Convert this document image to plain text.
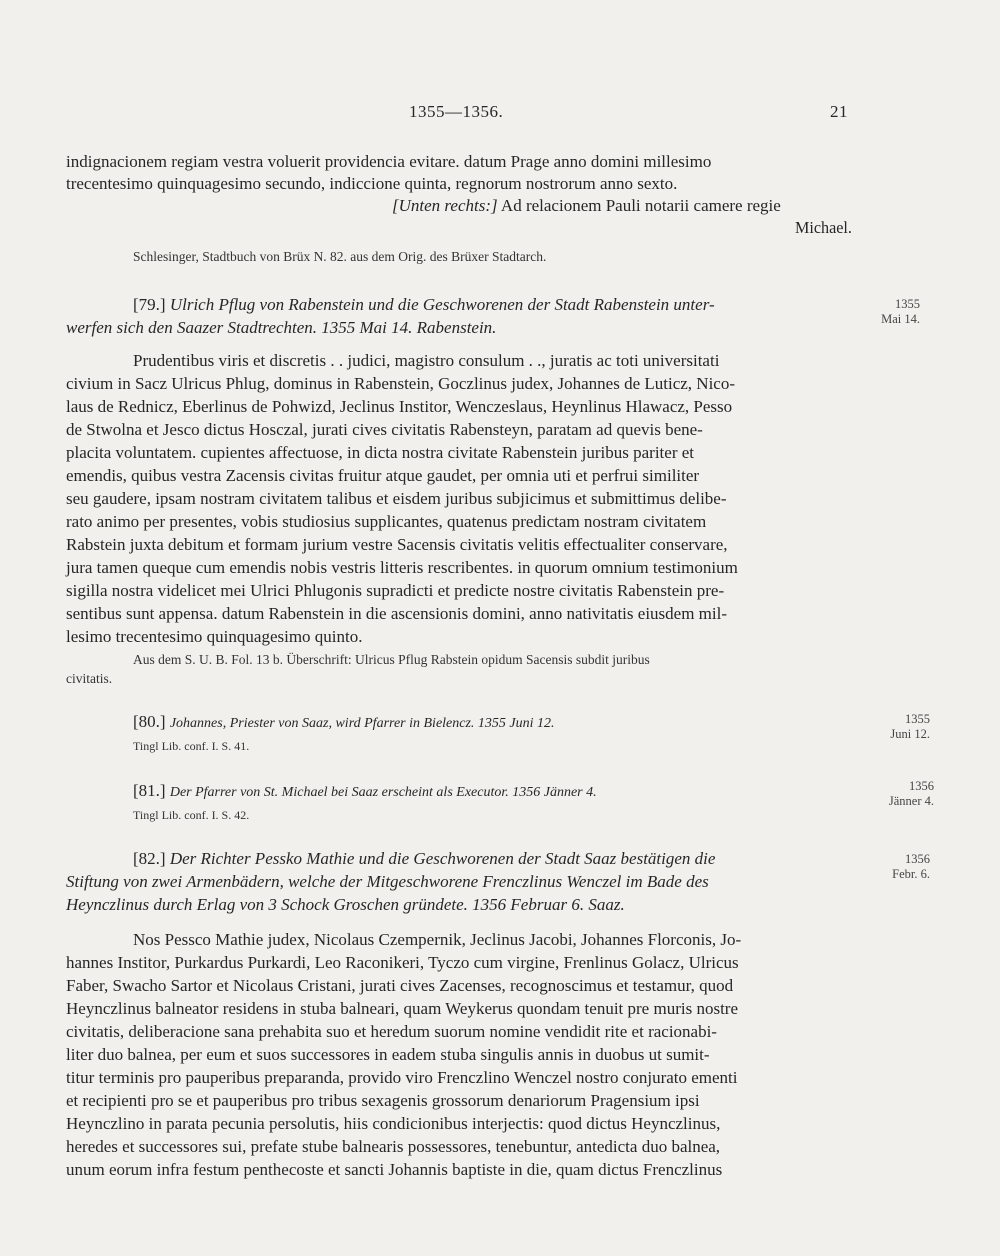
1355—1356.	21
indignacionem regiam vestra voluerit providencia evitare. datum Prage anno domini millesimo
trecentesimo quinquagesimo secundo, indiccione quinta, regnorum nostrorum anno sexto.
[Unten rechts:] Ad relacionem Pauli notarii camere regie
Michael.
Schlesinger, Stadtbuch von Brüx N. 82. aus dem Orig. des Brüxer Stadtarch.
[79.] Ulrich Pflug von Rabenstein und die Geschworenen der Stadt Rabenstein unter-
werfen sich den Saazer Stadtrechten. 1355 Mai 14. Rabenstein.
1355
Mai 14.
Prudentibus viris et discretis . . judici, magistro consulum . ., juratis ac toti universitati
civium in Sacz Ulricus Phlug, dominus in Rabenstein, Goczlinus judex, Johannes de Luticz, Nico-
laus de Rednicz, Eberlinus de Pohwizd, Jeclinus Institor, Wenczeslaus, Heynlinus Hlawacz, Pesso
de Stwolna et Jesco dictus Hosczal, jurati cives civitatis Rabensteyn, paratam ad quevis bene-
placita voluntatem. cupientes affectuose, in dicta nostra civitate Rabenstein juribus pariter et
emendis, quibus vestra Zacensis civitas fruitur atque gaudet, per omnia uti et perfrui similiter
seu gaudere, ipsam nostram civitatem talibus et eisdem juribus subjicimus et submittimus delibe-
rato animo per presentes, vobis studiosius supplicantes, quatenus predictam nostram civitatem
Rabstein juxta debitum et formam jurium vestre Sacensis civitatis velitis effectualiter conservare,
jura tamen queque cum emendis nobis vestris litteris rescribentes. in quorum omnium testimonium
sigilla nostra videlicet mei Ulrici Phlugonis supradicti et predicte nostre civitatis Rabenstein pre-
sentibus sunt appensa. datum Rabenstein in die ascensionis domini, anno nativitatis eiusdem mil-
lesimo trecentesimo quinquagesimo quinto.
Aus dem S. U. B. Fol. 13 b. Überschrift: Ulricus Pflug Rabstein opidum Sacensis subdit juribus
civitatis.
[80.] Johannes, Priester von Saaz, wird Pfarrer in Bielencz. 1355 Juni 12.
Tingl Lib. conf. I. S. 41.
1355
Juni 12.
[81.] Der Pfarrer von St. Michael bei Saaz erscheint als Executor. 1356 Jänner 4.
Tingl Lib. conf. I. S. 42.
1356
Jänner 4.
[82.] Der Richter Pessko Mathie und die Geschworenen der Stadt Saaz bestätigen die
Stiftung von zwei Armenbädern, welche der Mitgeschworene Frenczlinus Wenczel im Bade des
Heynczlinus durch Erlag von 3 Schock Groschen gründete. 1356 Februar 6. Saaz.
1356
Febr. 6.
Nos Pessco Mathie judex, Nicolaus Czempernik, Jeclinus Jacobi, Johannes Florconis, Jo-
hannes Institor, Purkardus Purkardi, Leo Raconikeri, Tyczo cum virgine, Frenlinus Golacz, Ulricus
Faber, Swacho Sartor et Nicolaus Cristani, jurati cives Zacenses, recognoscimus et testamur, quod
Heynczlinus balneator residens in stuba balneari, quam Weykerus quondam tenuit pre muris nostre
civitatis, deliberacione sana prehabita suo et heredum suorum nomine vendidit rite et racionabi-
liter duo balnea, per eum et suos successores in eadem stuba singulis annis in duobus ut sumit-
titur terminis pro pauperibus preparanda, provido viro Frenczlino Wenczel nostro conjurato ementi
et recipienti pro se et pauperibus pro tribus sexagenis grossorum denariorum Pragensium ipsi
Heynczlino in parata pecunia persolutis, hiis condicionibus interjectis: quod dictus Heynczlinus,
heredes et successores sui, prefate stube balnearis possessores, tenebuntur, antedicta duo balnea,
unum eorum infra festum penthecoste et sancti Johannis baptiste in die, quam dictus Frenczlinus
